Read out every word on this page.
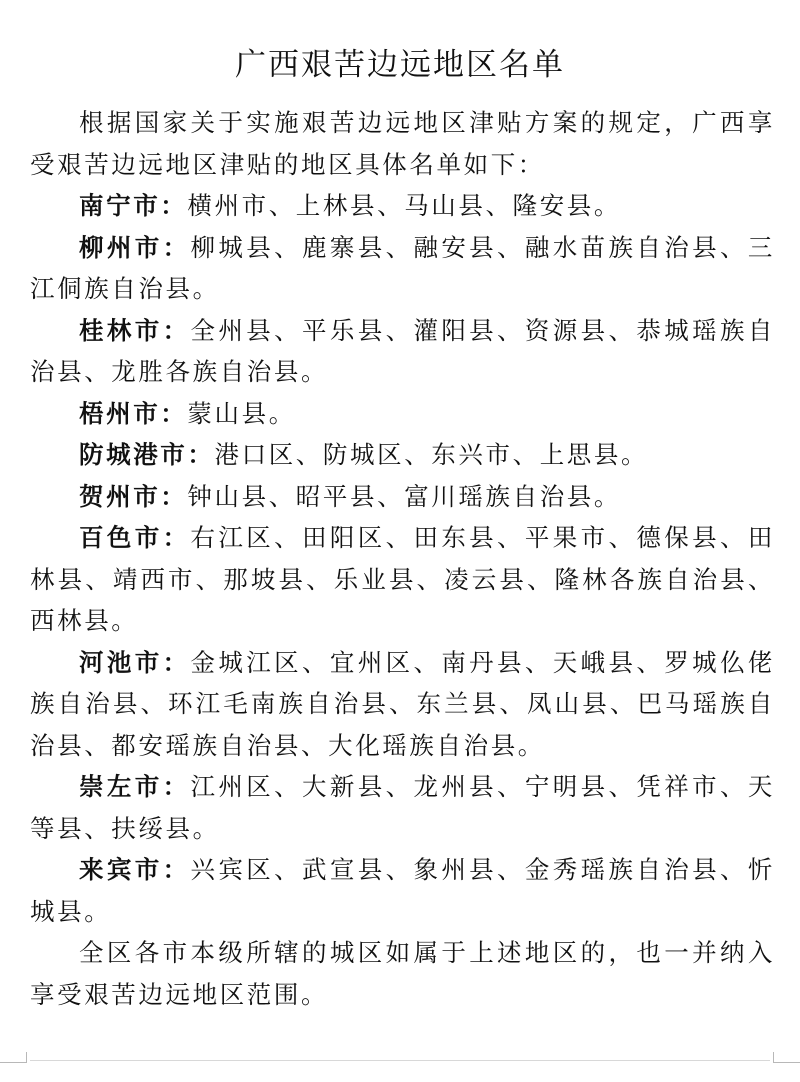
广西艰苦边远地区名单

根据国家关于实施艰苦边远地区津贴方案的规定，广西享受艰苦边远地区津贴的地区具体名单如下：

南宁市：横州市、上林县、马山县、隆安县。

柳州市：柳城县、鹿寨县、融安县、融水苗族自治县、三江侗族自治县。

桂林市：全州县、平乐县、灌阳县、资源县、恭城瑶族自治县、龙胜各族自治县。

梧州市：蒙山县。

防城港市：港口区、防城区、东兴市、上思县。

贺州市：钟山县、昭平县、富川瑶族自治县。

百色市：右江区、田阳区、田东县、平果市、德保县、田林县、靖西市、那坡县、乐业县、凌云县、隆林各族自治县、西林县。

河池市：金城江区、宜州区、南丹县、天峨县、罗城仫佬族自治县、环江毛南族自治县、东兰县、凤山县、巴马瑶族自治县、都安瑶族自治县、大化瑶族自治县。

崇左市：江州区、大新县、龙州县、宁明县、凭祥市、天等县、扶绥县。

来宾市：兴宾区、武宣县、象州县、金秀瑶族自治县、忻城县。

全区各市本级所辖的城区如属于上述地区的，也一并纳入享受艰苦边远地区范围。
